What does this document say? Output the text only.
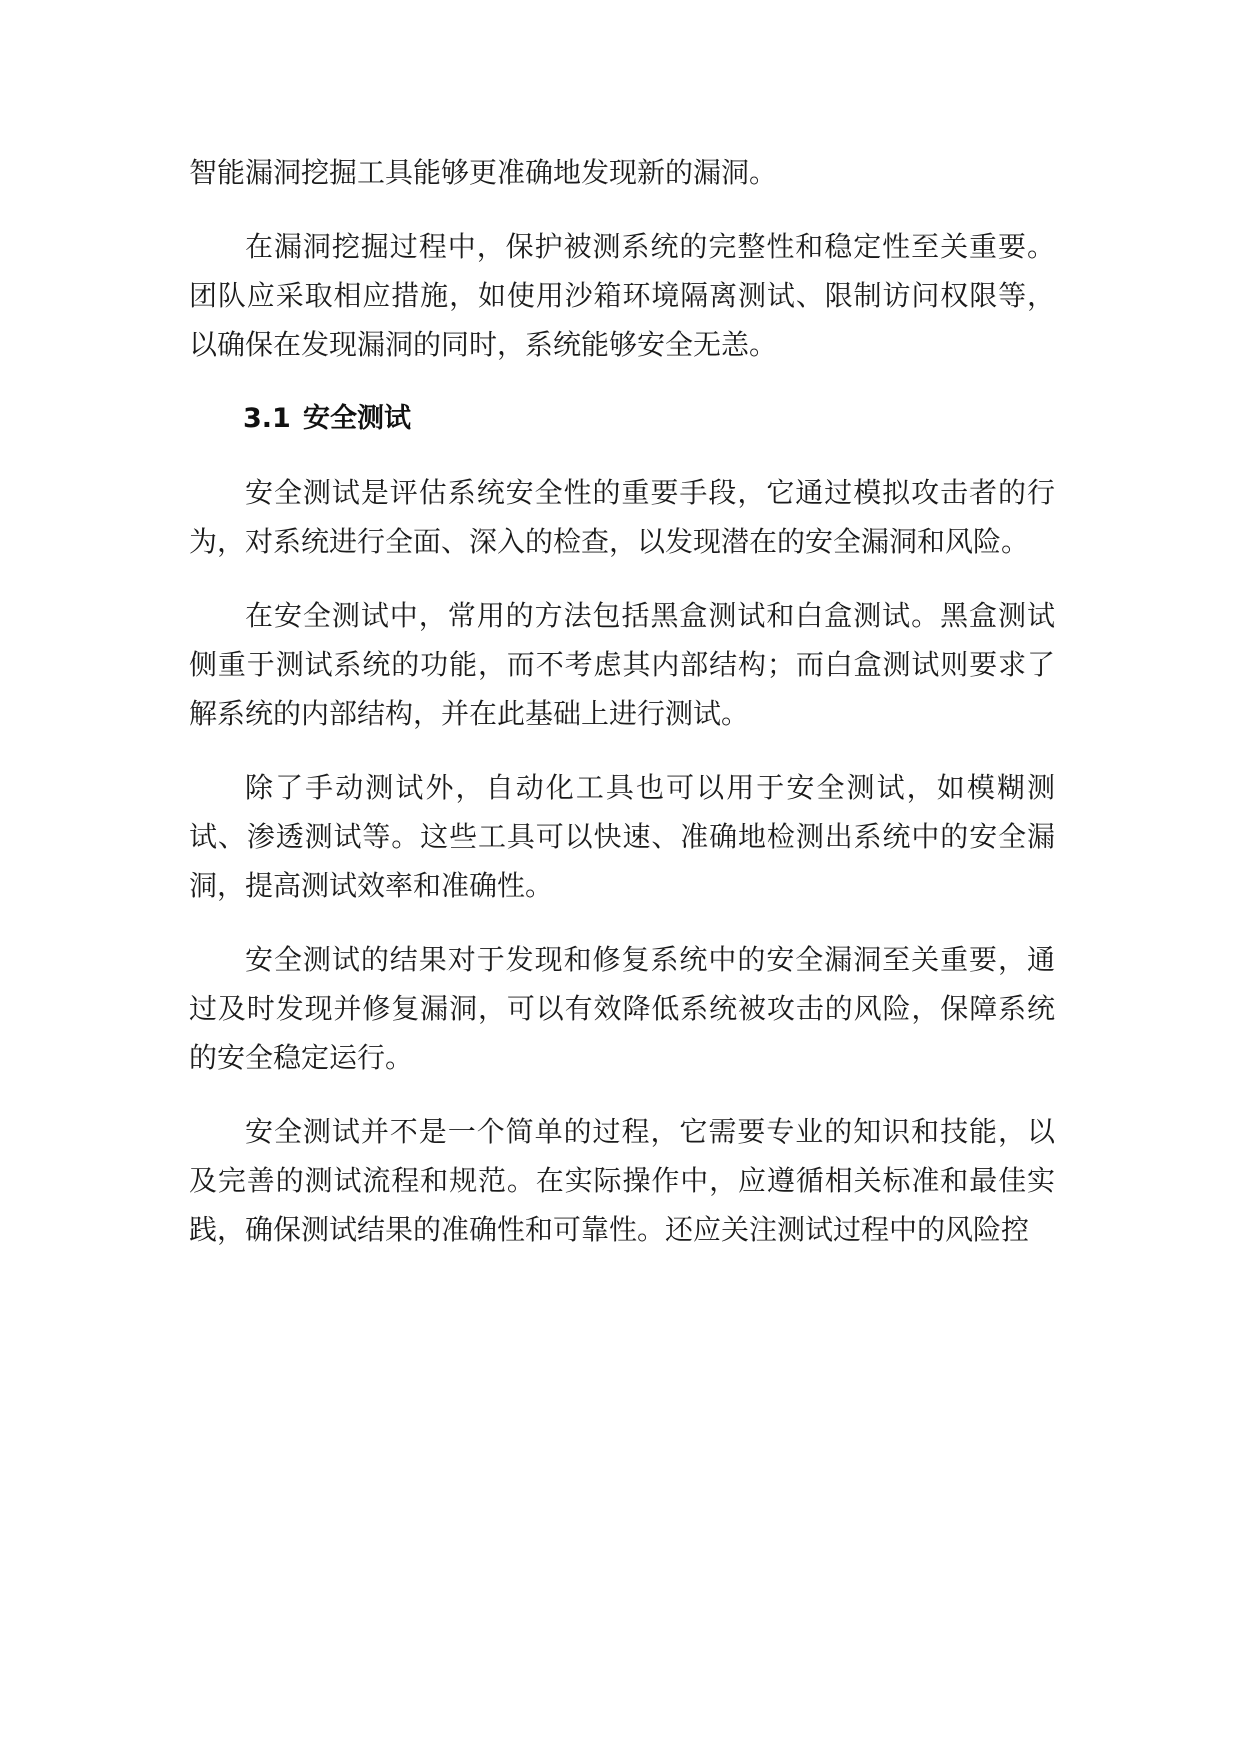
智能漏洞挖掘工具能够更准确地发现新的漏洞。

在漏洞挖掘过程中，保护被测系统的完整性和稳定性至关重要。团队应采取相应措施，如使用沙箱环境隔离测试、限制访问权限等，以确保在发现漏洞的同时，系统能够安全无恙。

3.1 安全测试

安全测试是评估系统安全性的重要手段，它通过模拟攻击者的行为，对系统进行全面、深入的检查，以发现潜在的安全漏洞和风险。

在安全测试中，常用的方法包括黑盒测试和白盒测试。黑盒测试侧重于测试系统的功能，而不考虑其内部结构；而白盒测试则要求了解系统的内部结构，并在此基础上进行测试。

除了手动测试外，自动化工具也可以用于安全测试，如模糊测试、渗透测试等。这些工具可以快速、准确地检测出系统中的安全漏洞，提高测试效率和准确性。

安全测试的结果对于发现和修复系统中的安全漏洞至关重要，通过及时发现并修复漏洞，可以有效降低系统被攻击的风险，保障系统的安全稳定运行。

安全测试并不是一个简单的过程，它需要专业的知识和技能，以及完善的测试流程和规范。在实际操作中，应遵循相关标准和最佳实践，确保测试结果的准确性和可靠性。还应关注测试过程中的风险控
